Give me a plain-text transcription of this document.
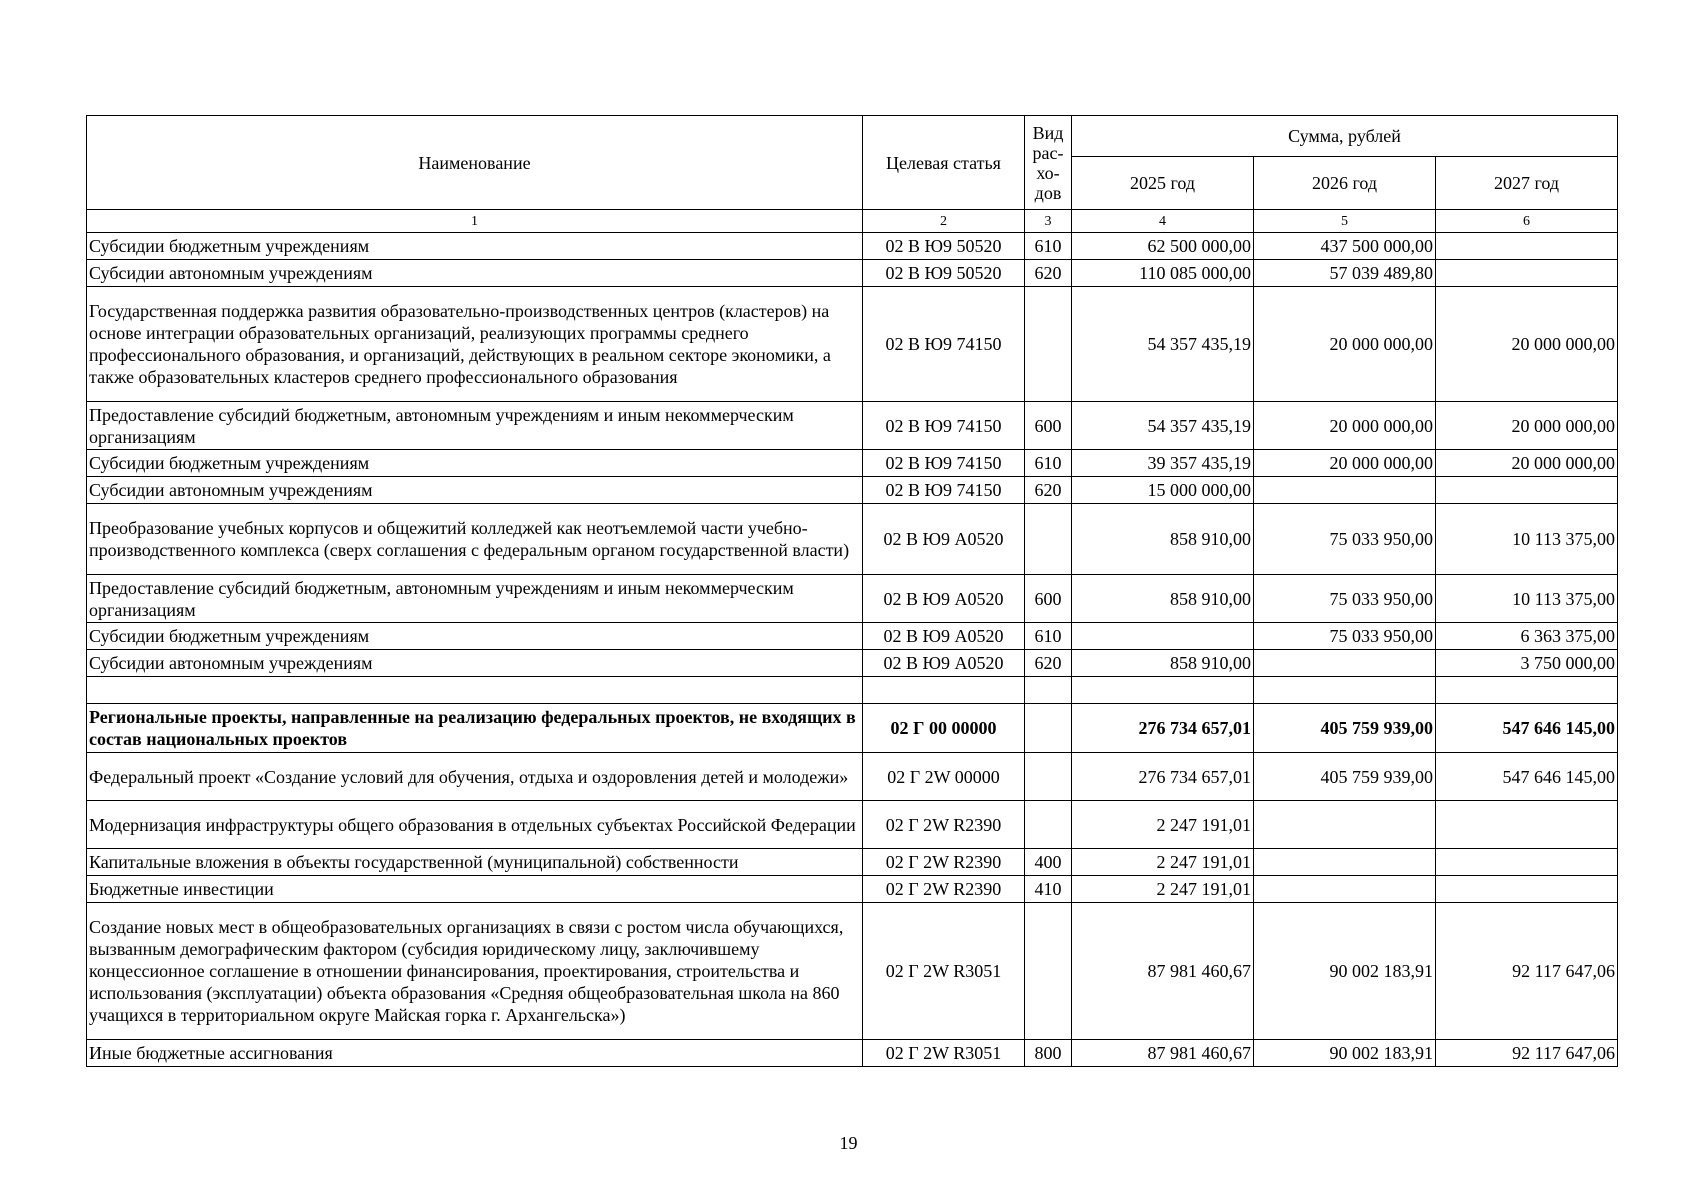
Наименование	Целевая статья	Вид рас-хо-дов	Сумма, рублей		
			2025 год	2026 год	2027 год
1	2	3	4	5	6
Субсидии бюджетным учреждениям	02 В Ю9 50520	610	62 500 000,00	437 500 000,00	
Субсидии автономным учреждениям	02 В Ю9 50520	620	110 085 000,00	57 039 489,80	
Государственная поддержка развития образовательно-производственных центров (кластеров) на основе интеграции образовательных организаций, реализующих программы среднего профессионального образования, и организаций, действующих в реальном секторе экономики, а также образовательных кластеров среднего профессионального образования	02 В Ю9 74150		54 357 435,19	20 000 000,00	20 000 000,00
Предоставление субсидий бюджетным, автономным учреждениям и иным некоммерческим организациям	02 В Ю9 74150	600	54 357 435,19	20 000 000,00	20 000 000,00
Субсидии бюджетным учреждениям	02 В Ю9 74150	610	39 357 435,19	20 000 000,00	20 000 000,00
Субсидии автономным учреждениям	02 В Ю9 74150	620	15 000 000,00		
Преобразование учебных корпусов и общежитий колледжей как неотъемлемой части учебно-производственного комплекса (сверх соглашения с федеральным органом государственной власти)	02 В Ю9 А0520		858 910,00	75 033 950,00	10 113 375,00
Предоставление субсидий бюджетным, автономным учреждениям и иным некоммерческим организациям	02 В Ю9 А0520	600	858 910,00	75 033 950,00	10 113 375,00
Субсидии бюджетным учреждениям	02 В Ю9 А0520	610		75 033 950,00	6 363 375,00
Субсидии автономным учреждениям	02 В Ю9 А0520	620	858 910,00		3 750 000,00

Региональные проекты, направленные на реализацию федеральных проектов, не входящих в состав национальных проектов	02 Г 00 00000		276 734 657,01	405 759 939,00	547 646 145,00
Федеральный проект «Создание условий для обучения, отдыха и оздоровления детей и молодежи»	02 Г 2W 00000		276 734 657,01	405 759 939,00	547 646 145,00
Модернизация инфраструктуры общего образования в отдельных субъектах Российской Федерации	02 Г 2W R2390		2 247 191,01		
Капитальные вложения в объекты государственной (муниципальной) собственности	02 Г 2W R2390	400	2 247 191,01		
Бюджетные инвестиции	02 Г 2W R2390	410	2 247 191,01		
Создание новых мест в общеобразовательных организациях в связи с ростом числа обучающихся, вызванным демографическим фактором (субсидия юридическому лицу, заключившему концессионное соглашение в отношении финансирования, проектирования, строительства и использования (эксплуатации) объекта образования «Средняя общеобразовательная школа на 860 учащихся в территориальном округе Майская горка г. Архангельска»)	02 Г 2W R3051		87 981 460,67	90 002 183,91	92 117 647,06
Иные бюджетные ассигнования	02 Г 2W R3051	800	87 981 460,67	90 002 183,91	92 117 647,06
19
